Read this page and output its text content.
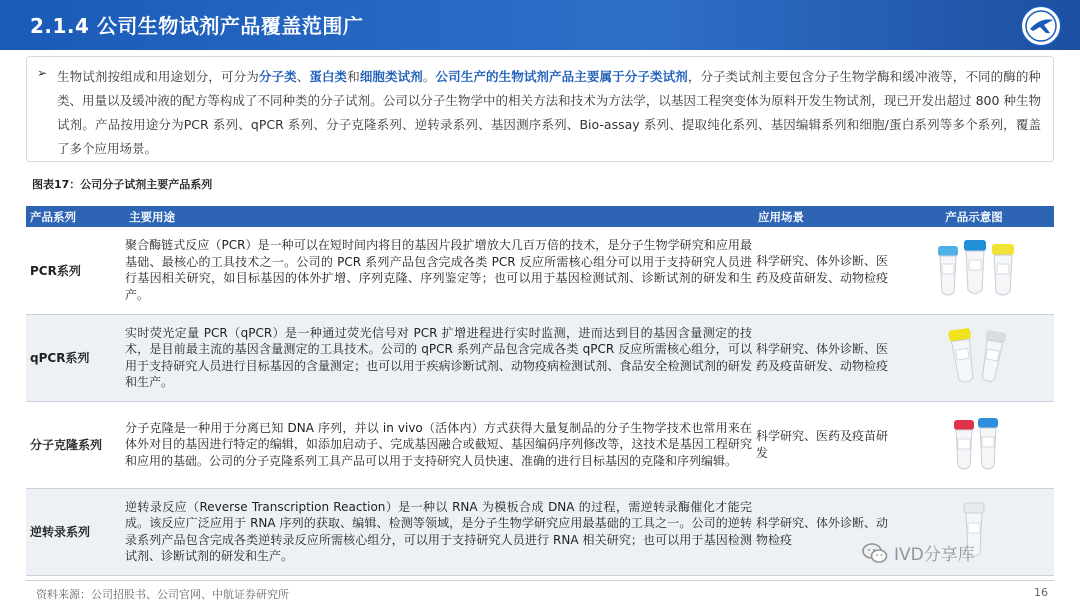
2.1.4 公司生物试剂产品覆盖范围广
➢ 生物试剂按组成和用途划分，可分为分子类、蛋白类和细胞类试剂。公司生产的生物试剂产品主要属于分子类试剂，分子类试剂主要包含分子生物学酶和缓冲液等，不同的酶的种类、用量以及缓冲液的配方等构成了不同种类的分子试剂。公司以分子生物学中的相关方法和技术为方法学，以基因工程突变体为原料开发生物试剂，现已开发出超过 800 种生物试剂。产品按用途分为PCR 系列、qPCR 系列、分子克隆系列、逆转录系列、基因测序系列、Bio-assay 系列、提取纯化系列、基因编辑系列和细胞/蛋白系列等多个系列，覆盖了多个应用场景。

图表17：公司分子试剂主要产品系列
产品系列	主要用途	应用场景	产品示意图
PCR系列	聚合酶链式反应（PCR）是一种可以在短时间内将目的基因片段扩增放大几百万倍的技术，是分子生物学研究和应用最基础、最核心的工具技术之一。公司的 PCR 系列产品包含完成各类 PCR 反应所需核心组分可以用于支持研究人员进行基因相关研究，如目标基因的体外扩增、序列克隆、序列鉴定等；也可以用于基因检测试剂、诊断试剂的研发和生产。	科学研究、体外诊断、医药及疫苗研发、动物检疫	
qPCR系列	实时荧光定量 PCR（qPCR）是一种通过荧光信号对 PCR 扩增进程进行实时监测，进而达到目的基因含量测定的技术，是目前最主流的基因含量测定的工具技术。公司的 qPCR 系列产品包含完成各类 qPCR 反应所需核心组分，可以用于支持研究人员进行目标基因的含量测定；也可以用于疾病诊断试剂、动物疫病检测试剂、食品安全检测试剂的研发和生产。	科学研究、体外诊断、医药及疫苗研发、动物检疫	
分子克隆系列	分子克隆是一种用于分离已知 DNA 序列，并以 in vivo（活体内）方式获得大量复制品的分子生物学技术也常用来在体外对目的基因进行特定的编辑，如添加启动子、完成基因融合或截短、基因编码序列修改等，这技术是基因工程研究和应用的基础。公司的分子克隆系列工具产品可以用于支持研究人员快速、准确的进行目标基因的克隆和序列编辑。	科学研究、医药及疫苗研发	
逆转录系列	逆转录反应（Reverse Transcription Reaction）是一种以 RNA 为模板合成 DNA 的过程，需逆转录酶催化才能完成。该反应广泛应用于 RNA 序列的获取、编辑、检测等领域，是分子生物学研究应用最基础的工具之一。公司的逆转录系列产品包含完成各类逆转录反应所需核心组分，可以用于支持研究人员进行 RNA 相关研究；也可以用于基因检测试剂、诊断试剂的研发和生产。	科学研究、体外诊断、动物检疫	
IVD分享库
资料来源：公司招股书、公司官网、中航证券研究所	16
